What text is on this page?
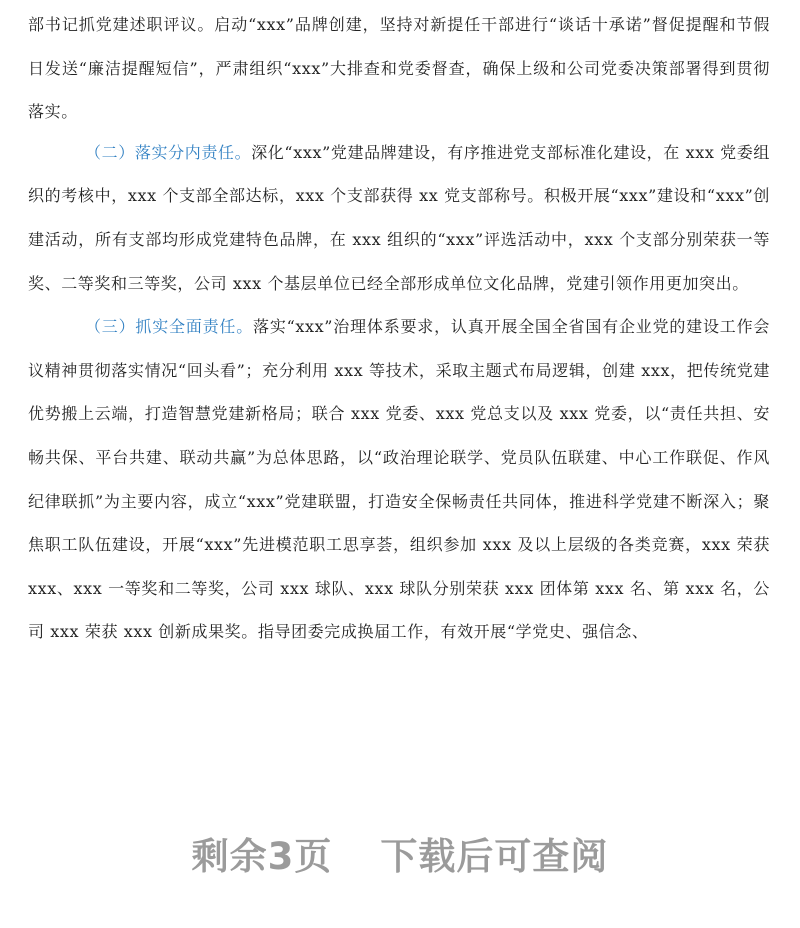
部书记抓党建述职评议。启动“xxx”品牌创建，坚持对新提任干部进行“谈话十承诺”督促提醒和节假日发送“廉洁提醒短信”，严肃组织“xxx”大排查和党委督查，确保上级和公司党委决策部署得到贯彻落实。

（二）落实分内责任。深化“xxx”党建品牌建设，有序推进党支部标准化建设，在 xxx 党委组织的考核中，xxx 个支部全部达标，xxx 个支部获得 xx 党支部称号。积极开展“xxx”建设和“xxx”创建活动，所有支部均形成党建特色品牌，在 xxx 组织的“xxx”评选活动中，xxx 个支部分别荣获一等奖、二等奖和三等奖，公司 xxx 个基层单位已经全部形成单位文化品牌，党建引领作用更加突出。

（三）抓实全面责任。落实“xxx”治理体系要求，认真开展全国全省国有企业党的建设工作会议精神贯彻落实情况“回头看”；充分利用 xxx 等技术，采取主题式布局逻辑，创建 xxx，把传统党建优势搬上云端，打造智慧党建新格局；联合 xxx 党委、xxx 党总支以及 xxx 党委，以“责任共担、安畅共保、平台共建、联动共赢”为总体思路，以“政治理论联学、党员队伍联建、中心工作联促、作风纪律联抓”为主要内容，成立“xxx”党建联盟，打造安全保畅责任共同体，推进科学党建不断深入；聚焦职工队伍建设，开展“xxx”先进模范职工思享荟，组织参加 xxx 及以上层级的各类竞赛，xxx 荣获 xxx、xxx 一等奖和二等奖，公司 xxx 球队、xxx 球队分别荣获 xxx 团体第 xxx 名、第 xxx 名，公司 xxx 荣获 xxx 创新成果奖。指导团委完成换届工作，有效开展“学党史、强信念、

剩余3页 下载后可查阅
